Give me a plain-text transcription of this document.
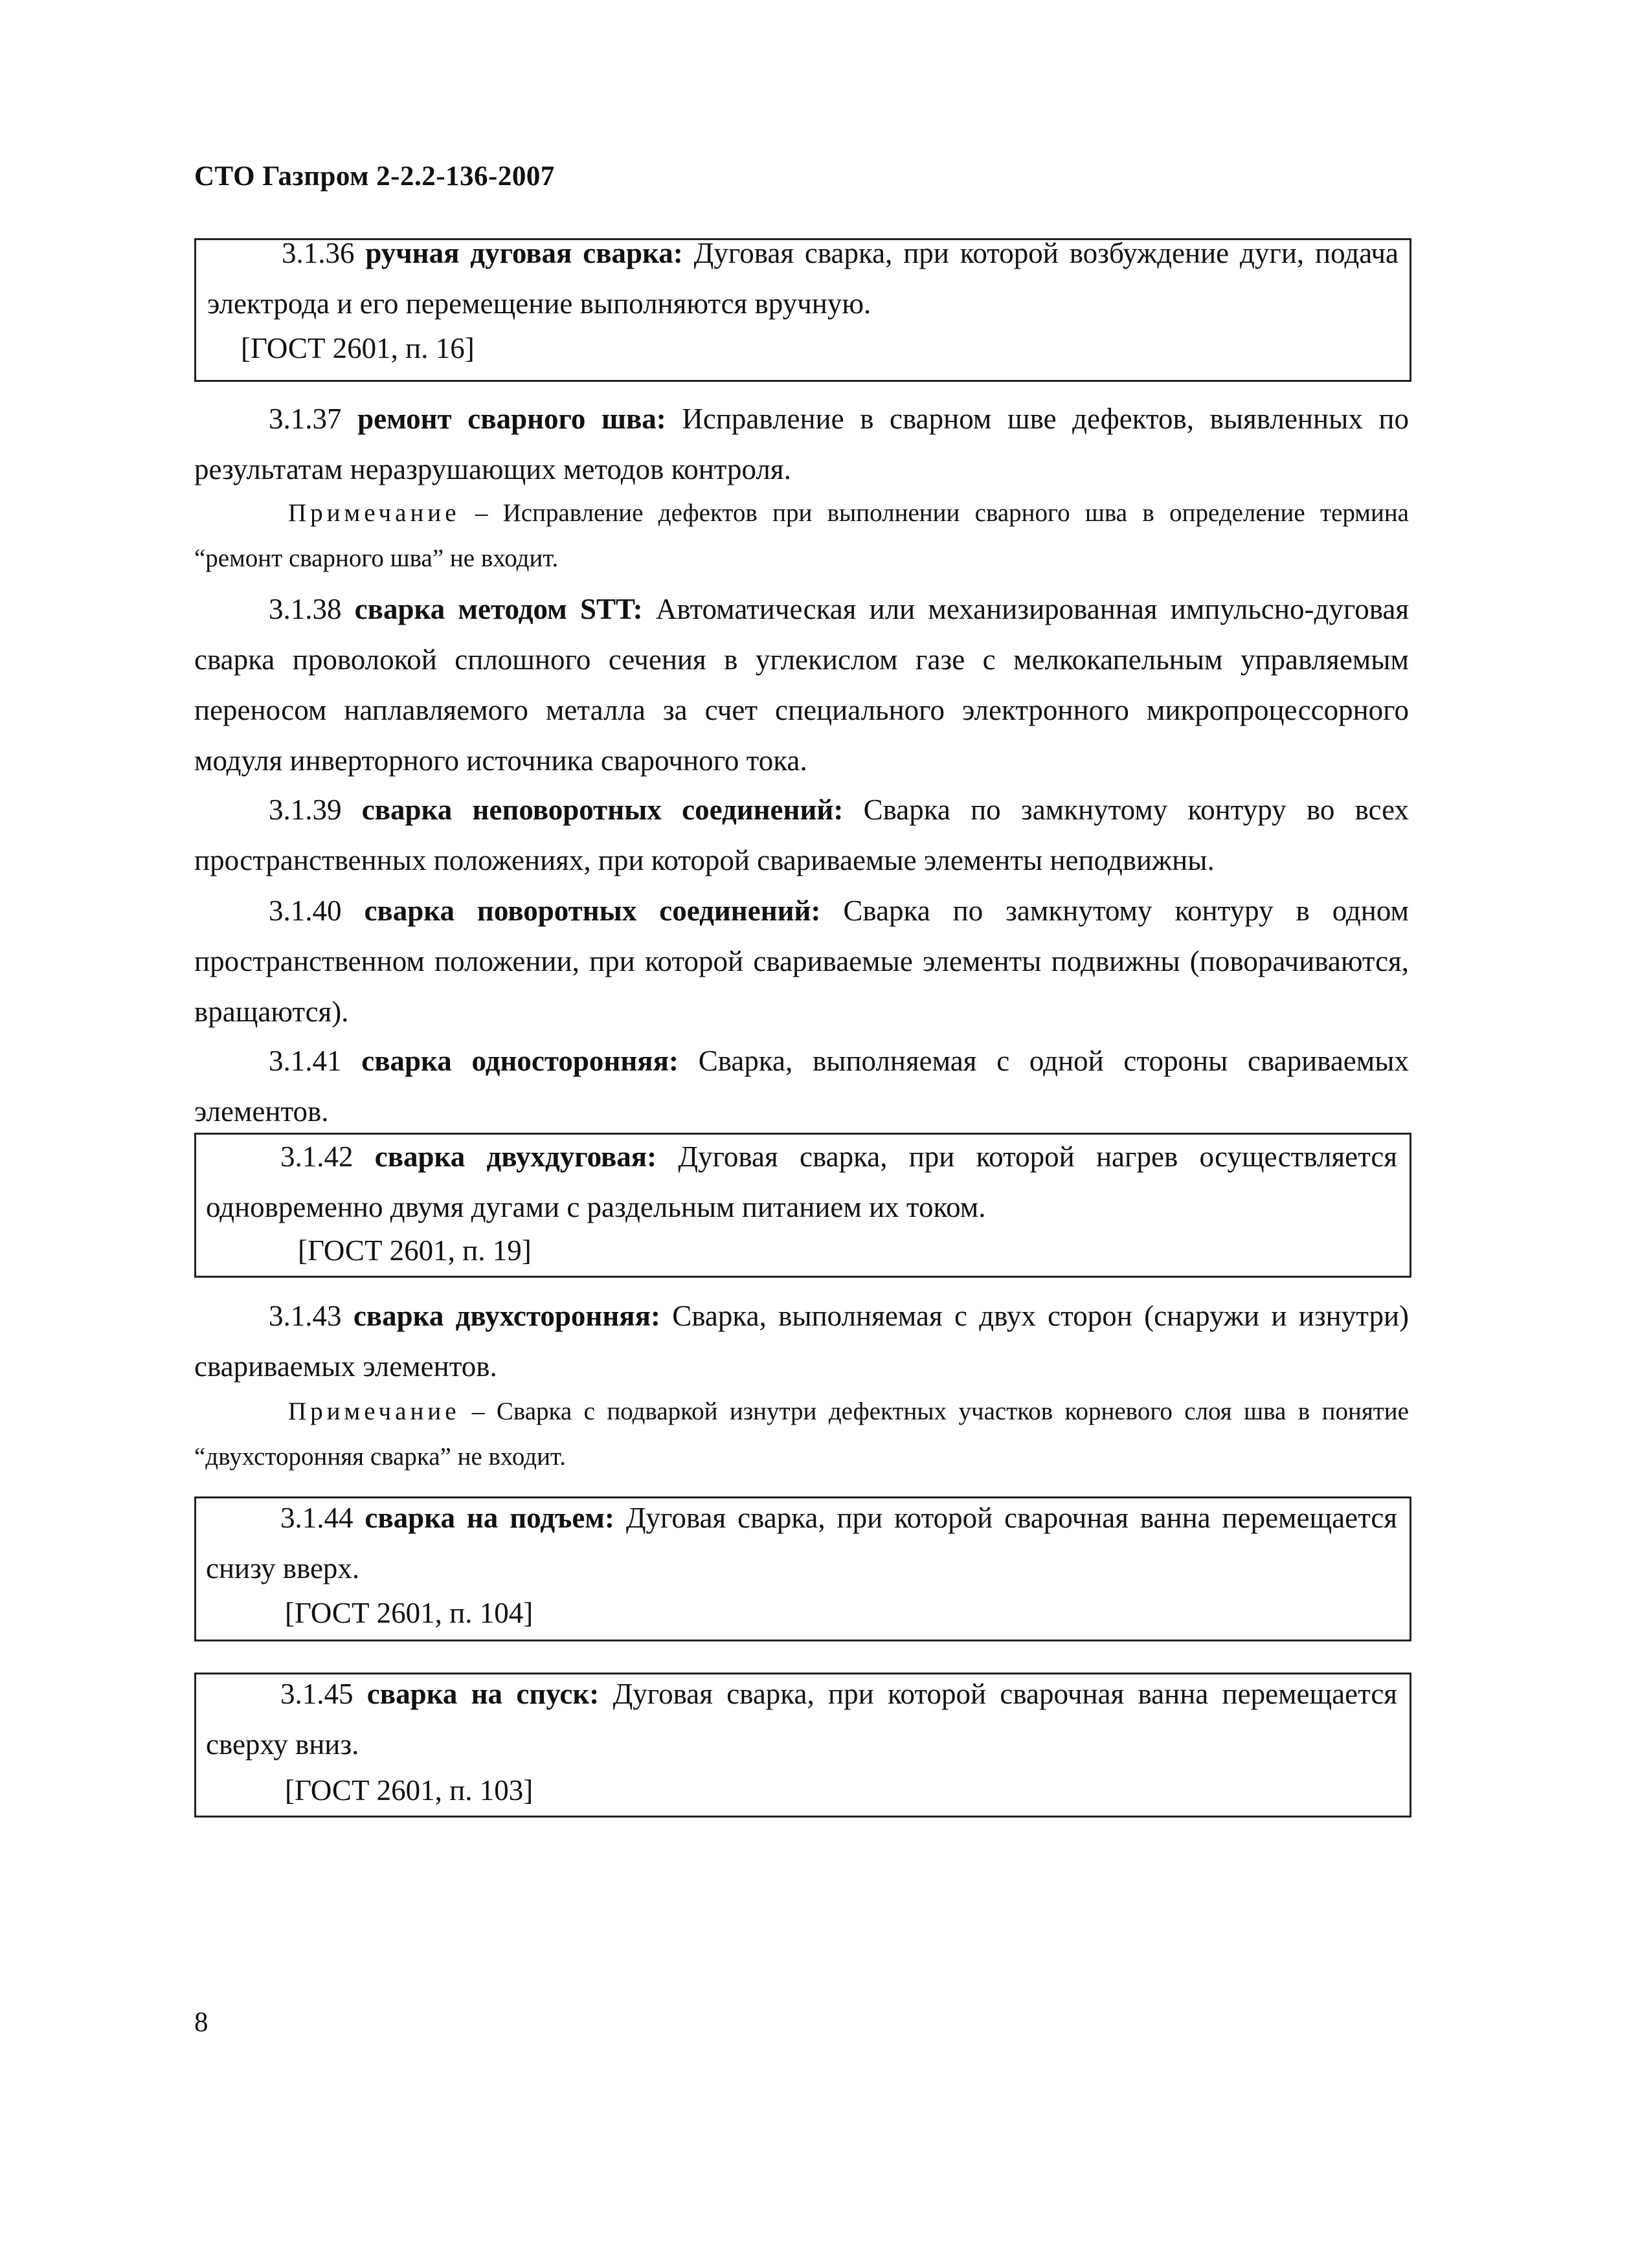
СТО Газпром 2-2.2-136-2007
3.1.36 ручная дуговая сварка: Дуговая сварка, при которой возбуждение дуги, подача электрода и его перемещение выполняются вручную.
[ГОСТ 2601, п. 16]
3.1.37 ремонт сварного шва: Исправление в сварном шве дефектов, выявленных по результатам неразрушающих методов контроля.
Примечание – Исправление дефектов при выполнении сварного шва в определение термина “ремонт сварного шва” не входит.
3.1.38 сварка методом STT: Автоматическая или механизированная импульсно-дуговая сварка проволокой сплошного сечения в углекислом газе с мелкокапельным управляемым переносом наплавляемого металла за счет специального электронного микропроцессорного модуля инверторного источника сварочного тока.
3.1.39 сварка неповоротных соединений: Сварка по замкнутому контуру во всех пространственных положениях, при которой свариваемые элементы неподвижны.
3.1.40 сварка поворотных соединений: Сварка по замкнутому контуру в одном пространственном положении, при которой свариваемые элементы подвижны (поворачиваются, вращаются).
3.1.41 сварка односторонняя: Сварка, выполняемая с одной стороны свариваемых элементов.
3.1.42 сварка двухдуговая: Дуговая сварка, при которой нагрев осуществляется одновременно двумя дугами с раздельным питанием их током.
[ГОСТ 2601, п. 19]
3.1.43 сварка двухсторонняя: Сварка, выполняемая с двух сторон (снаружи и изнутри) свариваемых элементов.
Примечание – Сварка с подваркой изнутри дефектных участков корневого слоя шва в понятие “двухсторонняя сварка” не входит.
3.1.44 сварка на подъем: Дуговая сварка, при которой сварочная ванна перемещается снизу вверх.
[ГОСТ 2601, п. 104]
3.1.45 сварка на спуск: Дуговая сварка, при которой сварочная ванна перемещается сверху вниз.
[ГОСТ 2601, п. 103]
8
